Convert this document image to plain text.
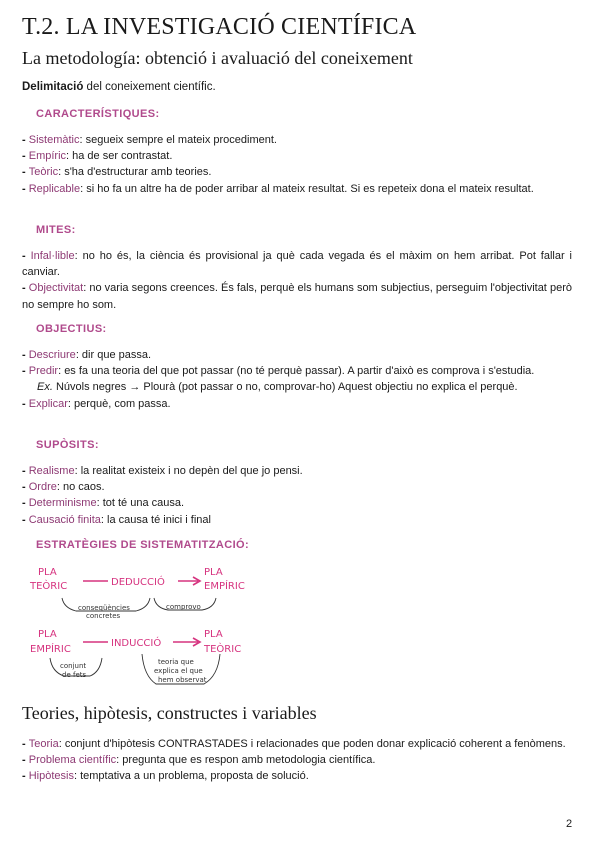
T.2. LA INVESTIGACIÓ CIENTÍFICA
La metodología: obtenció i avaluació del coneixement
Delimitació del coneixement científic.
CARACTERÍSTIQUES:

- Sistemàtic: segueix sempre el mateix procediment.

- Empíric: ha de ser contrastat.

- Teòric: s'ha d'estructurar amb teories.

- Replicable: si ho fa un altre ha de poder arribar al mateix resultat. Si es repeteix dona el mateix resultat.

MITES:

- Infal·lible: no ho és, la ciència és provisional ja què cada vegada és el màxim on hem arribat. Pot fallar i canviar.

- Objectivitat: no varia segons creences. És fals, perquè els humans som subjectius, perseguim l'objectivitat però no sempre ho som.

OBJECTIUS:

- Descriure: dir que passa.

- Predir: es fa una teoria del que pot passar (no té perquè passar). A partir d'això es comprova i s'estudia.

Ex. Núvols negres → Plourà (pot passar o no, comprovar-ho) Aquest objectiu no explica el perquè.

- Explicar: perquè, com passa.

SUPÒSITS:

- Realisme: la realitat existeix i no depèn del que jo pensi.

- Ordre: no caos.

- Determinisme: tot té una causa.

- Causació finita: la causa té inici i final

ESTRATÈGIES DE SISTEMATITZACIÓ:
PLA
TEÒRIC	DEDUCCIÓ
PLA
EMPÍRIC
conseqüències
concretes
comprovo
PLA
EMPÍRIC
INDUCCIÓ
PLA
TEÒRIC
conjunt
de fets
teoria que
explica el que
hem observat
Teories, hipòtesis, constructes i variables

- Teoria: conjunt d'hipòtesis CONTRASTADES i relacionades que poden donar explicació coherent a fenòmens.

- Problema científic: pregunta que es respon amb metodologia científica.

- Hipòtesis: temptativa a un problema, proposta de solució.

2
